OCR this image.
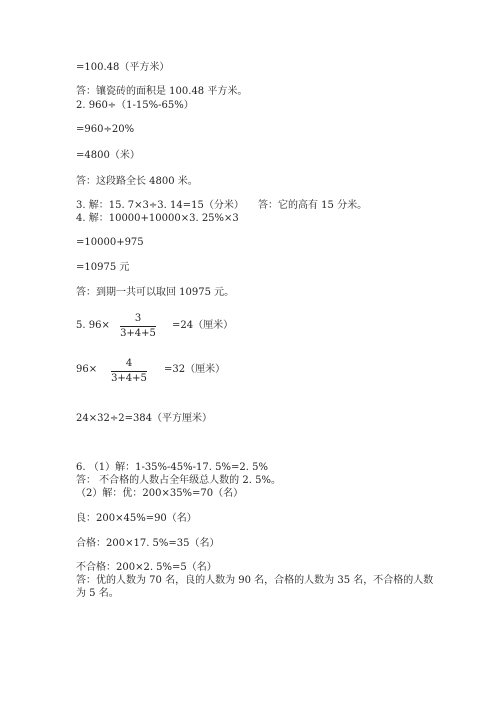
=100.48（平方米）
答：镶瓷砖的面积是 100.48 平方米。
2. 960÷（1-15%-65%）
=960÷20%
=4800（米）
答：这段路全长 4800 米。
3. 解：15. 7×3÷3. 14=15（分米） 答：它的高有 15 分米。
4. 解：10000+10000×3. 25%×3
=10000+975
=10975 元
答：到期一共可以取回 10975 元。
5. 96×
3
3+4+5
=24（厘米）
96×
4
3+4+5
=32（厘米）
24×32÷2=384（平方厘米）
6. （1）解：1-35%-45%-17. 5%=2. 5%
答： 不合格的人数占全年级总人数的 2. 5%。
（2）解：优：200×35%=70（名）
良：200×45%=90（名）
合格：200×17. 5%=35（名）
不合格：200×2. 5%=5（名）
答：优的人数为 70 名，良的人数为 90 名，合格的人数为 35 名，不合格的人数
为 5 名。
